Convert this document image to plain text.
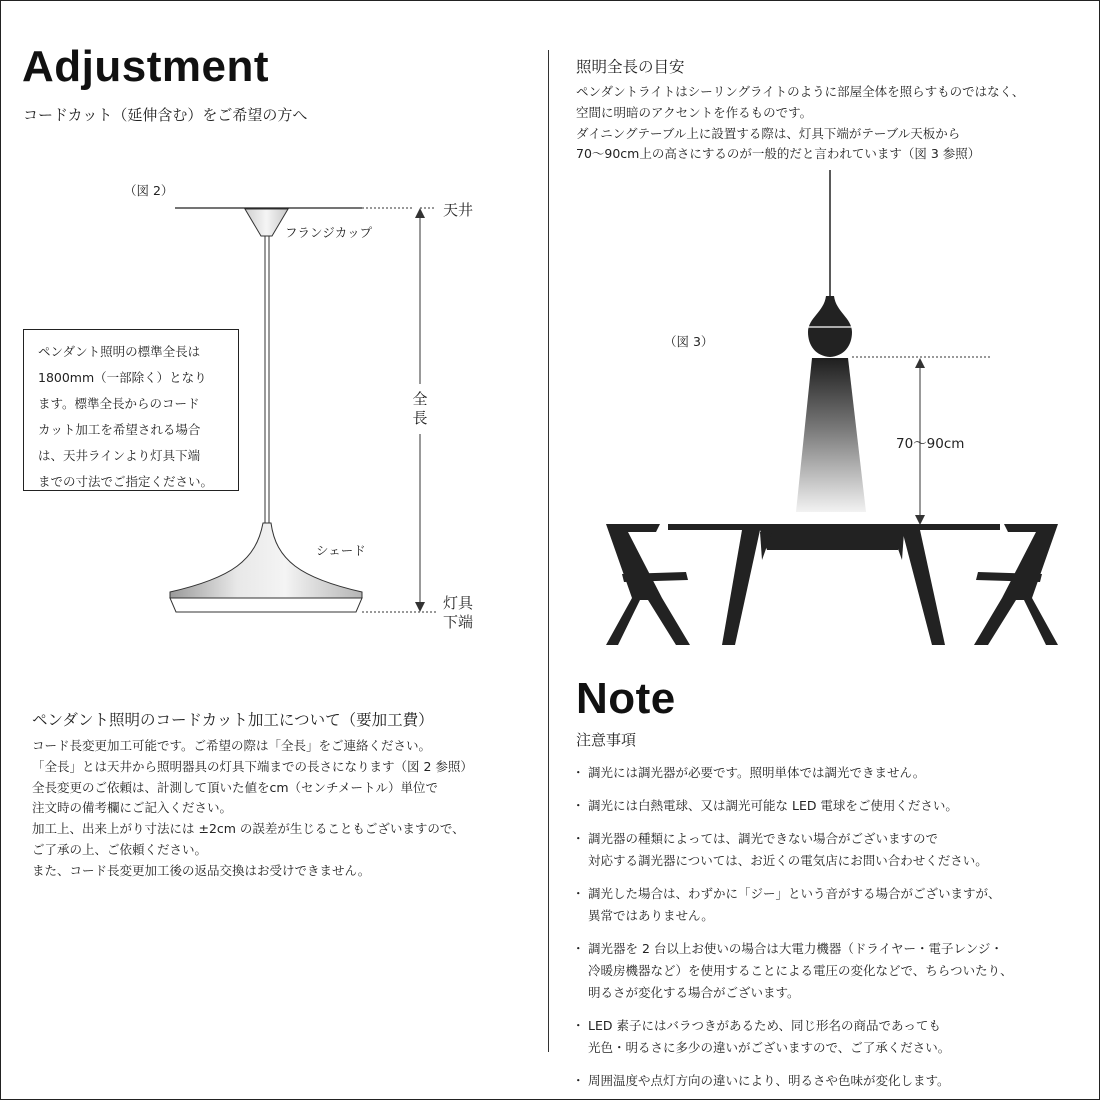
Adjustment
コードカット（延伸含む）をご希望の方へ
（図 2）
フランジカップ
天井
全
長
シェード
灯具
下端
ペンダント照明の標準全長は
1800mm（一部除く）となり
ます。標準全長からのコード
カット加工を希望される場合
は、天井ラインより灯具下端
までの寸法でご指定ください。
ペンダント照明のコードカット加工について（要加工費）
コード長変更加工可能です。ご希望の際は「全長」をご連絡ください。
「全長」とは天井から照明器具の灯具下端までの長さになります（図 2 参照）
全長変更のご依頼は、計測して頂いた値をcm（センチメートル）単位で
注文時の備考欄にご記入ください。
加工上、出来上がり寸法には ±2cm の誤差が生じることもございますので、
ご了承の上、ご依頼ください。
また、コード長変更加工後の返品交換はお受けできません。
照明全長の目安
ペンダントライトはシーリングライトのように部屋全体を照らすものではなく、
空間に明暗のアクセントを作るものです。
ダイニングテーブル上に設置する際は、灯具下端がテーブル天板から
70〜90cm上の高さにするのが一般的だと言われています（図 3 参照）
（図 3）
70〜90cm
Note
注意事項
・ 調光には調光器が必要です。照明単体では調光できません。
・ 調光には白熱電球、又は調光可能な LED 電球をご使用ください。
・ 調光器の種類によっては、調光できない場合がございますので
対応する調光器については、お近くの電気店にお問い合わせください。
・ 調光した場合は、わずかに「ジー」という音がする場合がございますが、
異常ではありません。
・ 調光器を 2 台以上お使いの場合は大電力機器（ドライヤー・電子レンジ・
冷暖房機器など）を使用することによる電圧の変化などで、ちらついたり、
明るさが変化する場合がございます。
・ LED 素子にはバラつきがあるため、同じ形名の商品であっても
光色・明るさに多少の違いがございますので、ご了承ください。
・ 周囲温度や点灯方向の違いにより、明るさや色味が変化します。
